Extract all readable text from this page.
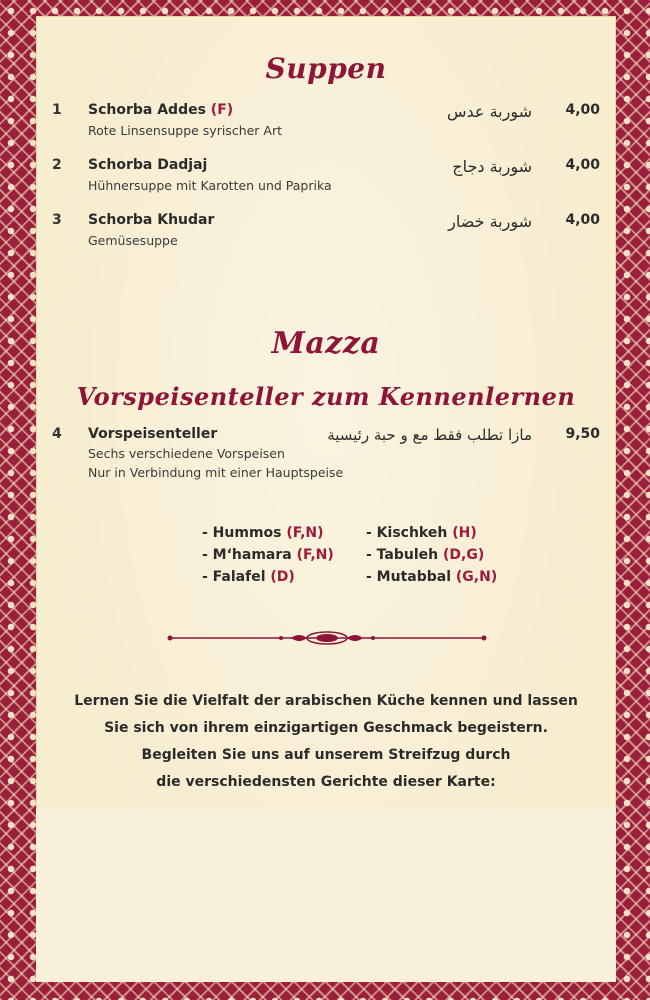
Suppen
1 Schorba Addes (F)
Rote Linsensuppe syrischer Art
شوربة عدس 4,00
2 Schorba Dadjaj
Hühnersuppe mit Karotten und Paprika
شوربة دجاج 4,00
3 Schorba Khudar
Gemüsesuppe
شوربة خضار 4,00
Mazza
Vorspeisenteller zum Kennenlernen
4 Vorspeisenteller
Sechs verschiedene Vorspeisen
Nur in Verbindung mit einer Hauptspeise
مازا تطلب فقط مع و حبة رئيسية 9,50
- Hummos (F,N)
- M‘hamara (F,N)
- Falafel (D)
- Kischkeh (H)
- Tabuleh (D,G)
- Mutabbal (G,N)
Lernen Sie die Vielfalt der arabischen Küche kennen und lassen
Sie sich von ihrem einzigartigen Geschmack begeistern.
Begleiten Sie uns auf unserem Streifzug durch
die verschiedensten Gerichte dieser Karte:
